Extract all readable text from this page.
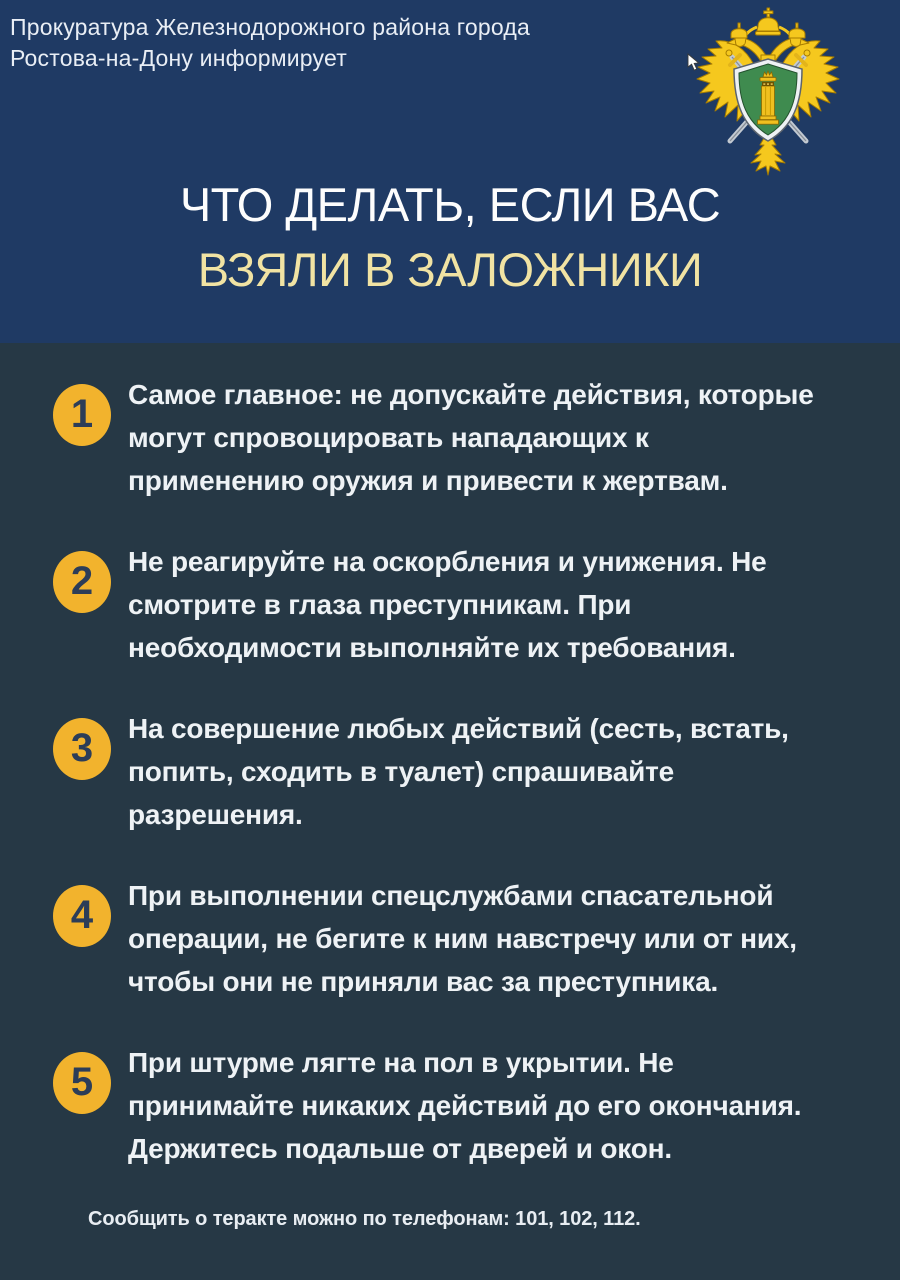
Прокуратура Железнодорожного района города
Ростова-на-Дону информирует
ЧТО ДЕЛАТЬ, ЕСЛИ ВАС
ВЗЯЛИ В ЗАЛОЖНИКИ
1 Самое главное: не допускайте действия, которые
могут спровоцировать нападающих к
применению оружия и привести к жертвам.
2 Не реагируйте на оскорбления и унижения. Не
смотрите в глаза преступникам. При
необходимости выполняйте их требования.
3 На совершение любых действий (сесть, встать,
попить, сходить в туалет) спрашивайте
разрешения.
4 При выполнении спецслужбами спасательной
операции, не бегите к ним навстречу или от них,
чтобы они не приняли вас за преступника.
5 При штурме лягте на пол в укрытии. Не
принимайте никаких действий до его окончания.
Держитесь подальше от дверей и окон.
Сообщить о теракте можно по телефонам: 101, 102, 112.
